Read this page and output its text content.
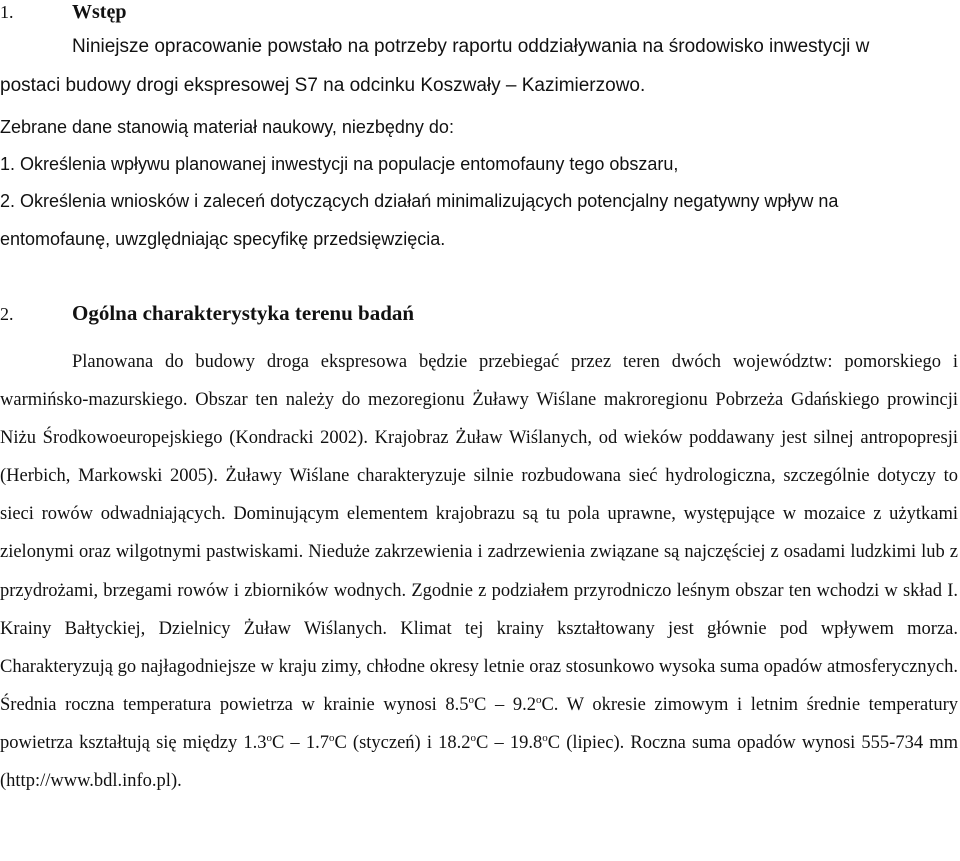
1.	Wstęp
Niniejsze opracowanie powstało na potrzeby raportu oddziaływania na środowisko inwestycji w
postaci budowy drogi ekspresowej S7 na odcinku Koszwały – Kazimierzowo.
Zebrane dane stanowią materiał naukowy, niezbędny do:
1. Określenia wpływu planowanej inwestycji na populacje entomofauny tego obszaru,
2. Określenia wniosków i zaleceń dotyczących działań minimalizujących potencjalny negatywny wpływ na
entomofaunę, uwzględniając specyfikę przedsięwzięcia.
2.	Ogólna charakterystyka terenu badań

Planowana do budowy droga ekspresowa będzie przebiegać przez teren dwóch województw: pomorskiego i warmińsko-mazurskiego. Obszar ten należy do mezoregionu Żuławy Wiślane makroregionu Pobrzeża Gdańskiego prowincji Niżu Środkowoeuropejskiego (Kondracki 2002). Krajobraz Żuław Wiślanych, od wieków poddawany jest silnej antropopresji (Herbich, Markowski 2005). Żuławy Wiślane charakteryzuje silnie rozbudowana sieć hydrologiczna, szczególnie dotyczy to sieci rowów odwadniających. Dominującym elementem krajobrazu są tu pola uprawne, występujące w mozaice z użytkami zielonymi oraz wilgotnymi pastwiskami. Nieduże zakrzewienia i zadrzewienia związane są najczęściej z osadami ludzkimi lub z przydrożami, brzegami rowów i zbiorników wodnych. Zgodnie z podziałem przyrodniczo leśnym obszar ten wchodzi w skład I. Krainy Bałtyckiej, Dzielnicy Żuław Wiślanych. Klimat tej krainy kształtowany jest głównie pod wpływem morza. Charakteryzują go najłagodniejsze w kraju zimy, chłodne okresy letnie oraz stosunkowo wysoka suma opadów atmosferycznych. Średnia roczna temperatura powietrza w krainie wynosi 8.5$^o$C – 9.2$^o$C. W okresie zimowym i letnim średnie temperatury powietrza kształtują się między 1.3$^o$C – 1.7$^o$C (styczeń) i 18.2$^o$C – 19.8$^o$C (lipiec). Roczna suma opadów wynosi 555-734 mm (http://www.bdl.info.pl).
